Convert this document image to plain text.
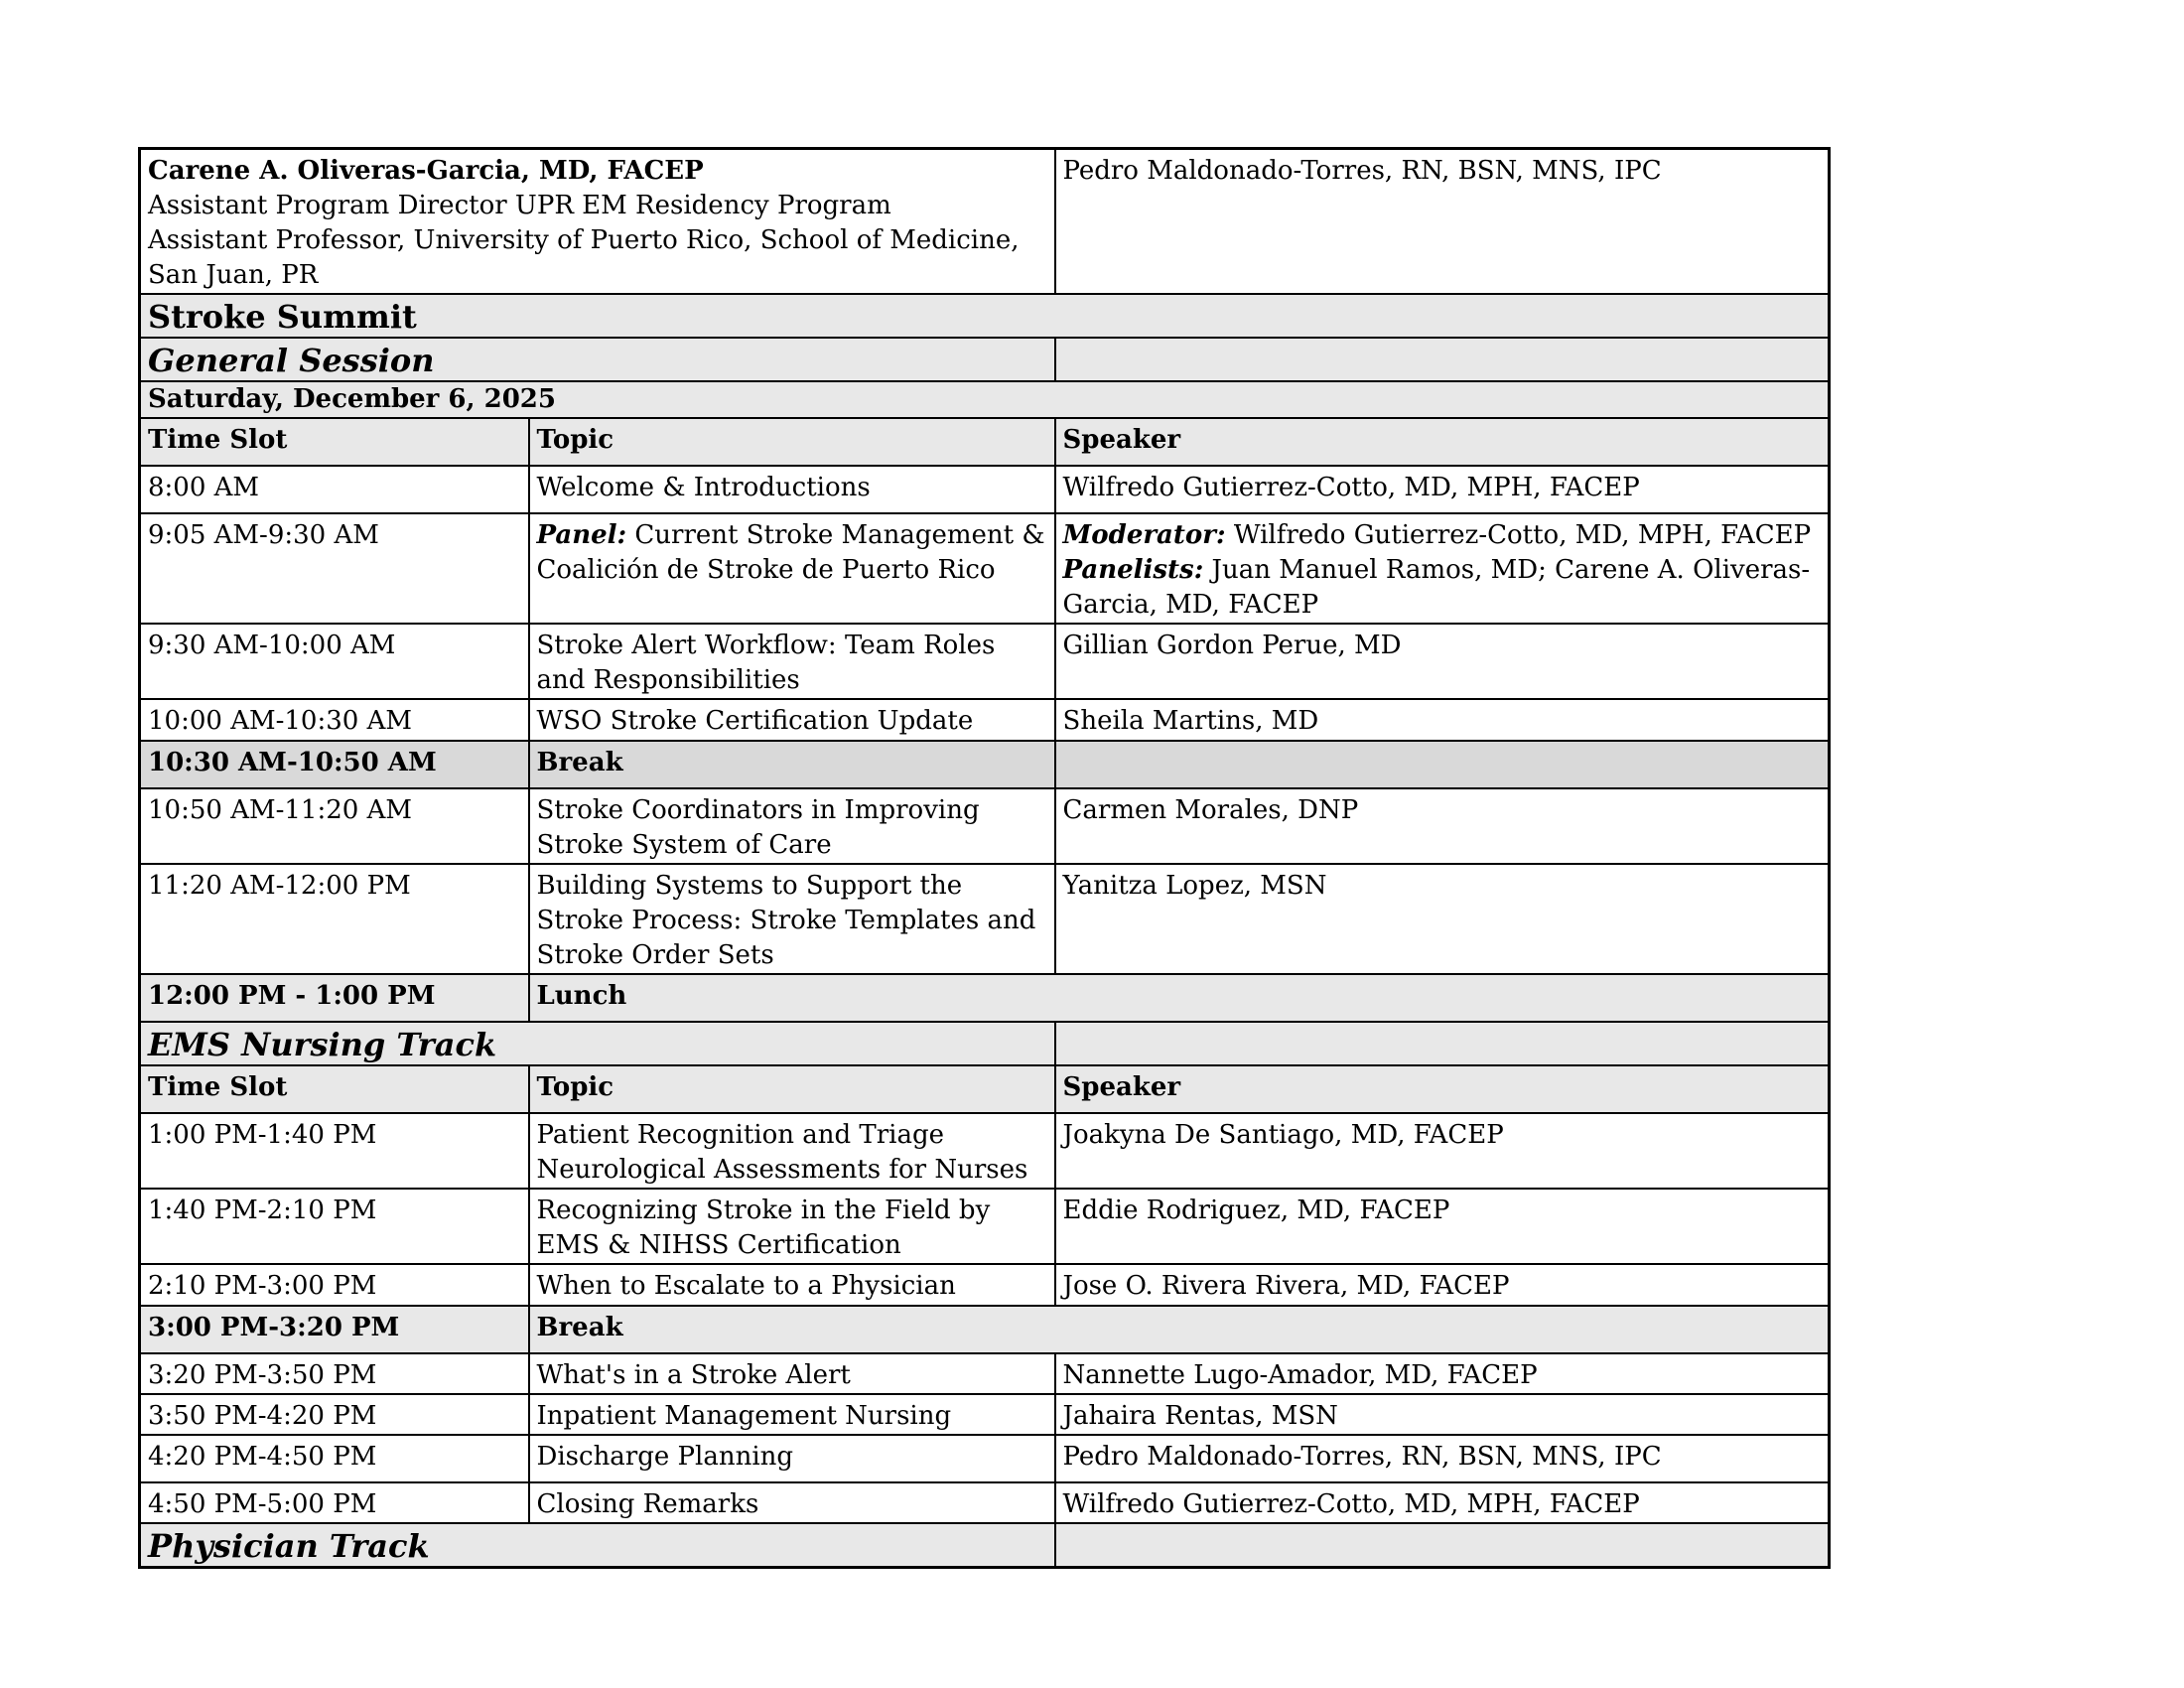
Carene A. Oliveras-Garcia, MD, FACEP
Assistant Program Director UPR EM Residency Program
Assistant Professor, University of Puerto Rico, School of Medicine, San Juan, PR		Pedro Maldonado-Torres, RN, BSN, MNS, IPC
Stroke Summit		
General Session		
Saturday, December 6, 2025		
Time Slot	Topic	Speaker
8:00 AM	Welcome & Introductions	Wilfredo Gutierrez-Cotto, MD, MPH, FACEP
9:05 AM-9:30 AM	Panel: Current Stroke Management & Coalición de Stroke de Puerto Rico	Moderator: Wilfredo Gutierrez-Cotto, MD, MPH, FACEP
Panelists: Juan Manuel Ramos, MD; Carene A. Oliveras-Garcia, MD, FACEP

9:30 AM-10:00 AM	Stroke Alert Workflow: Team Roles and Responsibilities	Gillian Gordon Perue, MD
10:00 AM-10:30 AM	WSO Stroke Certification Update	Sheila Martins, MD
10:30 AM-10:50 AM	Break	
10:50 AM-11:20 AM	Stroke Coordinators in Improving Stroke System of Care	Carmen Morales, DNP
11:20 AM-12:00 PM	Building Systems to Support the Stroke Process: Stroke Templates and Stroke Order Sets	Yanitza Lopez, MSN
12:00 PM - 1:00 PM	Lunch	
EMS Nursing Track		
Time Slot	Topic	Speaker
1:00 PM-1:40 PM	Patient Recognition and Triage Neurological Assessments for Nurses	Joakyna De Santiago, MD, FACEP
1:40 PM-2:10 PM	Recognizing Stroke in the Field by EMS & NIHSS Certification	Eddie Rodriguez, MD, FACEP
2:10 PM-3:00 PM	When to Escalate to a Physician	Jose O. Rivera Rivera, MD, FACEP
3:00 PM-3:20 PM	Break	
3:20 PM-3:50 PM	What's in a Stroke Alert	Nannette Lugo-Amador, MD, FACEP
3:50 PM-4:20 PM	Inpatient Management Nursing	Jahaira Rentas, MSN
4:20 PM-4:50 PM	Discharge Planning	Pedro Maldonado-Torres, RN, BSN, MNS, IPC
4:50 PM-5:00 PM	Closing Remarks	Wilfredo Gutierrez-Cotto, MD, MPH, FACEP
Physician Track		
